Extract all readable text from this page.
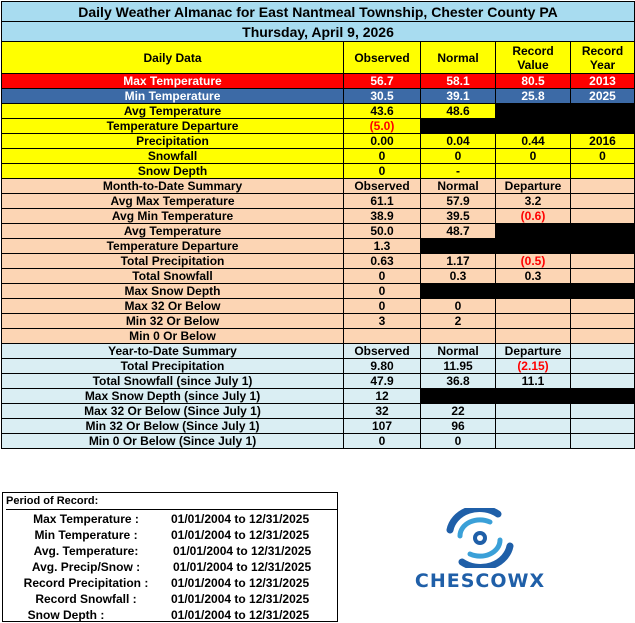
Daily Weather Almanac for East Nantmeal Township, Chester County PA				
Thursday, April 9, 2026				
Daily Data	Observed	Normal	Record Value	Record Year
Max Temperature	56.7	58.1	80.5	2013
Min Temperature	30.5	39.1	25.8	2025
Avg Temperature	43.6	48.6		
Temperature Departure	(5.0)			
Precipitation	0.00	0.04	0.44	2016
Snowfall	0	0	0	0
Snow Depth	0	-		
Month-to-Date Summary	Observed	Normal	Departure	
Avg Max Temperature	61.1	57.9	3.2	
Avg Min Temperature	38.9	39.5	(0.6)	
Avg Temperature	50.0	48.7		
Temperature Departure	1.3			
Total Precipitation	0.63	1.17	(0.5)	
Total Snowfall	0	0.3	0.3	
Max Snow Depth	0			
Max 32 Or Below	0	0		
Min 32 Or Below	3	2		
Min 0 Or Below				
Year-to-Date Summary	Observed	Normal	Departure	
Total Precipitation	9.80	11.95	(2.15)	
Total Snowfall (since July 1)	47.9	36.8	11.1	
Max Snow Depth (since July 1)	12			
Max 32 Or Below (Since July 1)	32	22		
Min 32 Or Below (Since July 1)	107	96		
Min 0 Or Below (Since July 1)	0	0		
Period of Record:
Max Temperature :	01/01/2004 to 12/31/2025
Min Temperature :	01/01/2004 to 12/31/2025
Avg. Temperature:	01/01/2004 to 12/31/2025
Avg. Precip/Snow :	01/01/2004 to 12/31/2025
Record Precipitation :	01/01/2004 to 12/31/2025
Record Snowfall :	01/01/2004 to 12/31/2025
Snow Depth :	01/01/2004 to 12/31/2025
CHESCOWX
